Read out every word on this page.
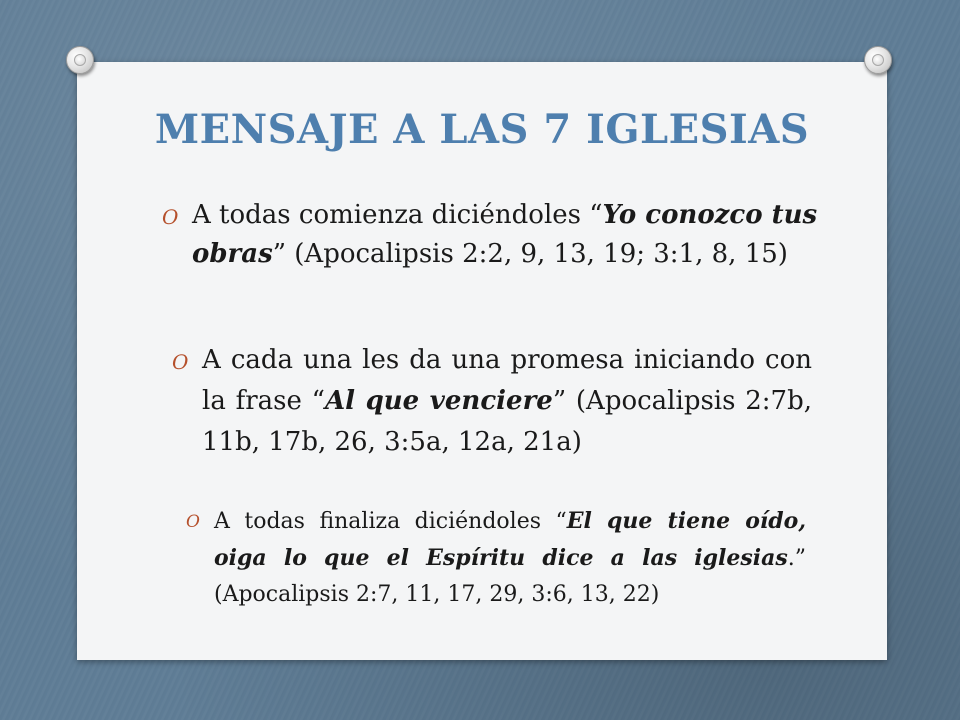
MENSAJE A LAS 7 IGLESIAS
O A todas comienza diciéndoles “Yo conozco tus obras” (Apocalipsis 2:2, 9, 13, 19; 3:1, 8, 15)
O A cada una les da una promesa iniciando con la frase “Al que venciere” (Apocalipsis 2:7b, 11b, 17b, 26, 3:5a, 12a, 21a)
O A todas finaliza diciéndoles “El que tiene oído, oiga lo que el Espíritu dice a las iglesias.” (Apocalipsis 2:7, 11, 17, 29, 3:6, 13, 22)
